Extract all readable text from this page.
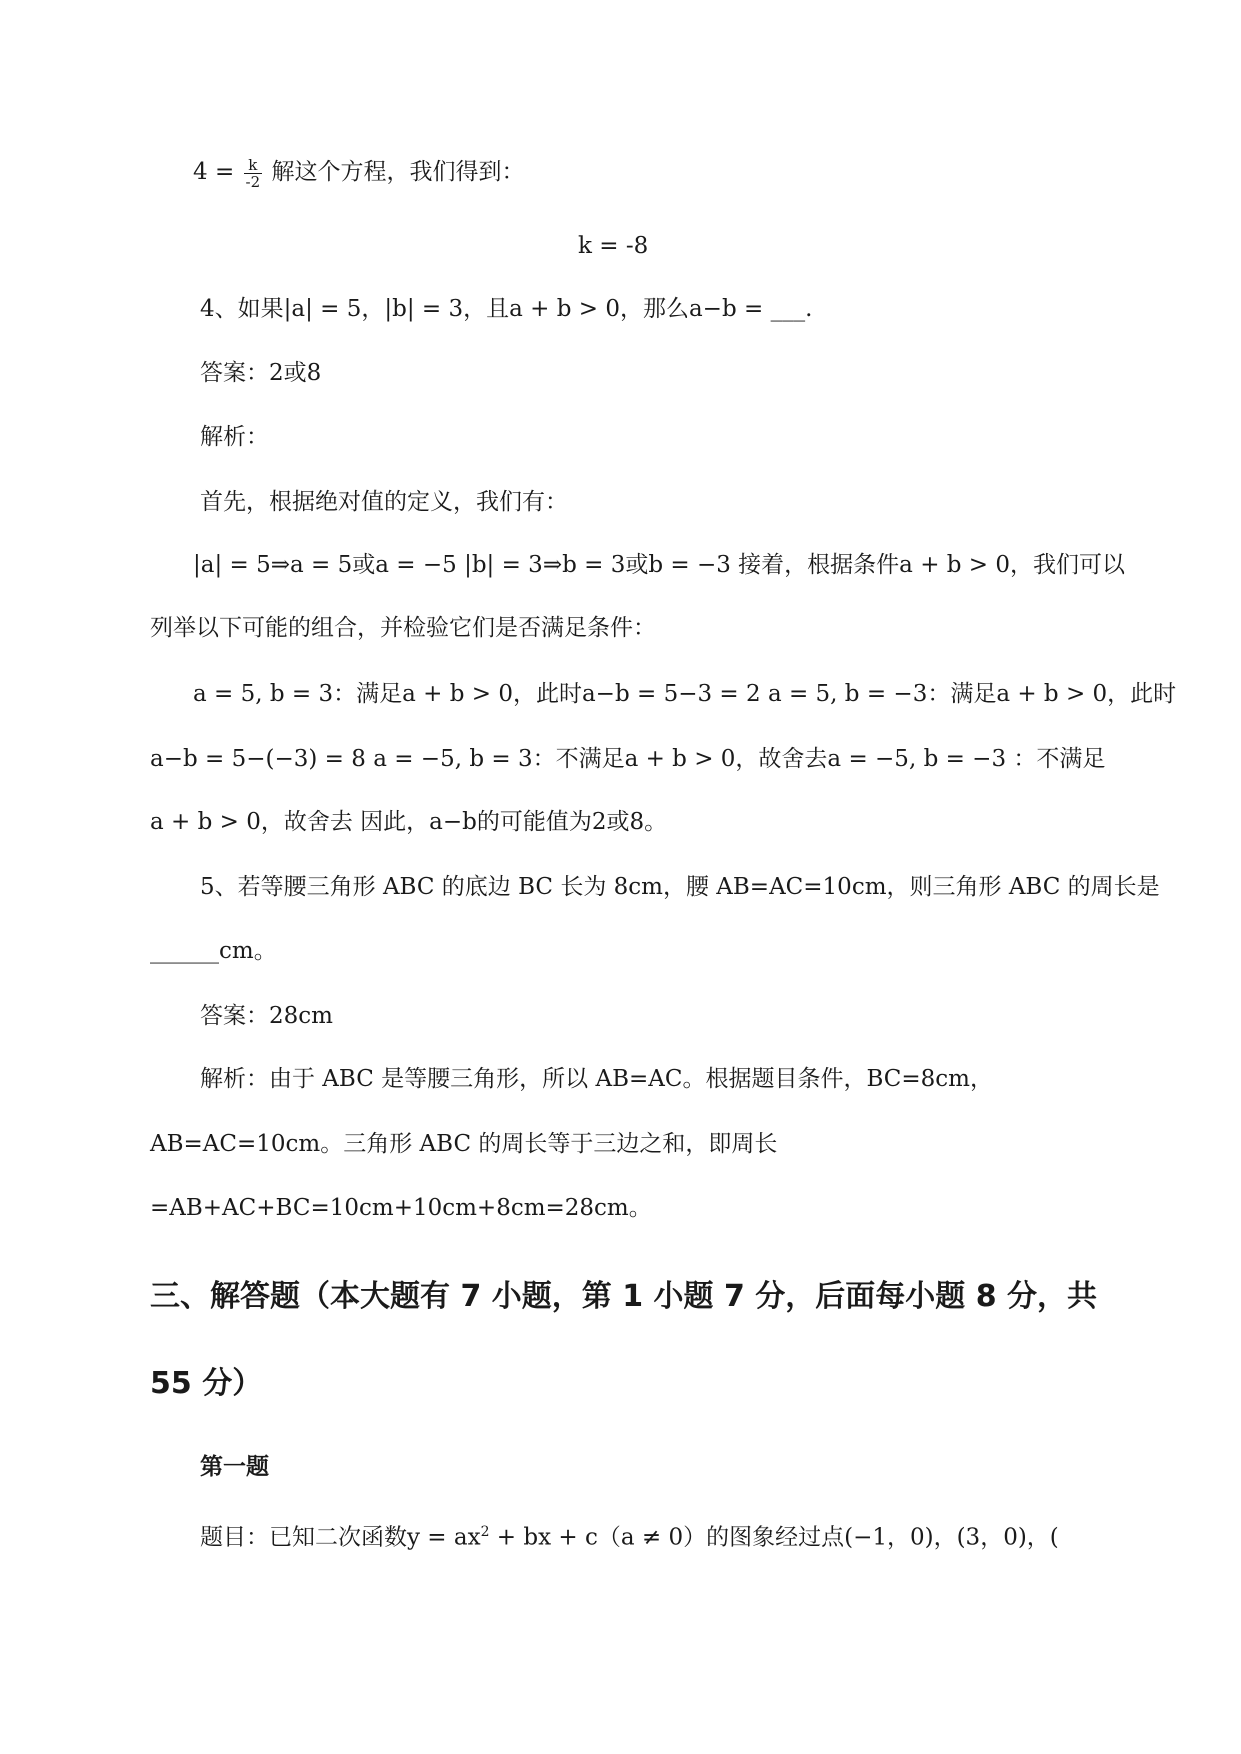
$4 = \frac{k}{-2}$ 解这个方程，我们得到：
k = -8
4、如果|a| = 5，|b| = 3，且a + b > 0，那么a−b = ___.
答案：2或8
解析：
首先，根据绝对值的定义，我们有：
|a| = 5⇒a = 5或a = −5 |b| = 3⇒b = 3或b = −3 接着，根据条件a + b > 0，我们可以
列举以下可能的组合，并检验它们是否满足条件：
a = 5, b = 3：满足a + b > 0，此时a−b = 5−3 = 2 a = 5, b = −3：满足a + b > 0，此时
a−b = 5−(−3) = 8 a = −5, b = 3：不满足a + b > 0，故舍去a = −5, b = −3 ：不满足
a + b > 0，故舍去 因此，a−b的可能值为2或8。
5、若等腰三角形 ABC 的底边 BC 长为 8cm，腰 AB=AC=10cm，则三角形 ABC 的周长是
______cm。
答案：28cm
解析：由于 ABC 是等腰三角形，所以 AB=AC。根据题目条件，BC=8cm，
AB=AC=10cm。三角形 ABC 的周长等于三边之和，即周长
=AB+AC+BC=10cm+10cm+8cm=28cm。
三、解答题（本大题有 7 小题，第 1 小题 7 分，后面每小题 8 分，共
55 分）
第一题
题目：已知二次函数$y = ax^2$ + bx + c（a ≠ 0）的图象经过点(−1，0)，(3，0)，(
